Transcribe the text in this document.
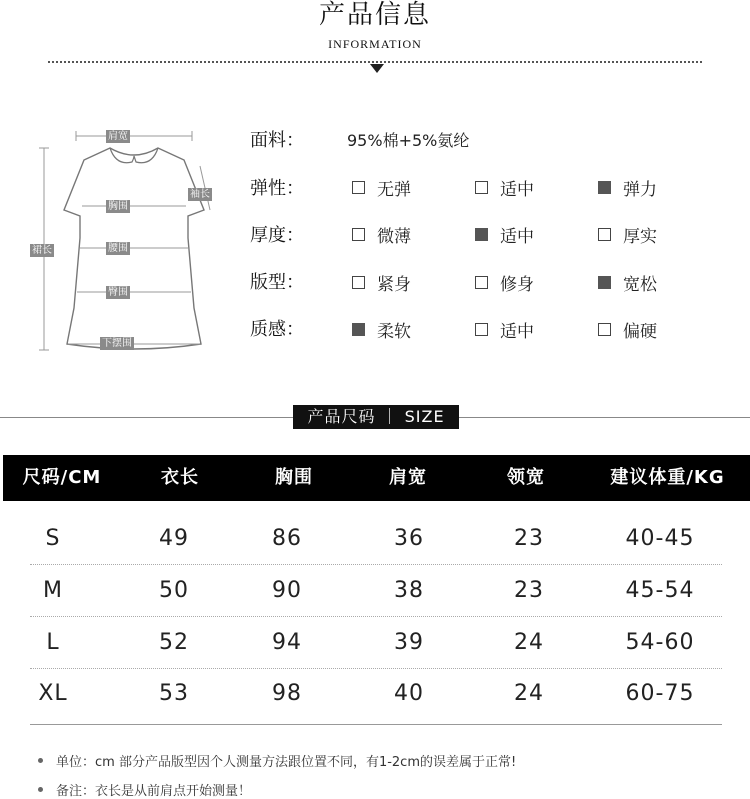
产品信息
INFORMATION
肩宽
袖长
胸围
裙长	腰围
臀围
下摆围
面料：	95%棉+5%氨纶
弹性：	无弹	适中	弹力
厚度：	微薄	适中	厚实
版型：	紧身	修身	宽松
质感：	柔软	适中	偏硬
产品尺码 ｜ SIZE
尺码/CM	衣长	胸围	肩宽	领宽	建议体重/KG
S	49	86	36	23	40-45
M	50	90	38	23	45-54
L	52	94	39	24	54-60
XL	53	98	40	24	60-75
单位：cm 部分产品版型因个人测量方法跟位置不同，有1-2cm的误差属于正常!
备注：衣长是从前肩点开始测量！
